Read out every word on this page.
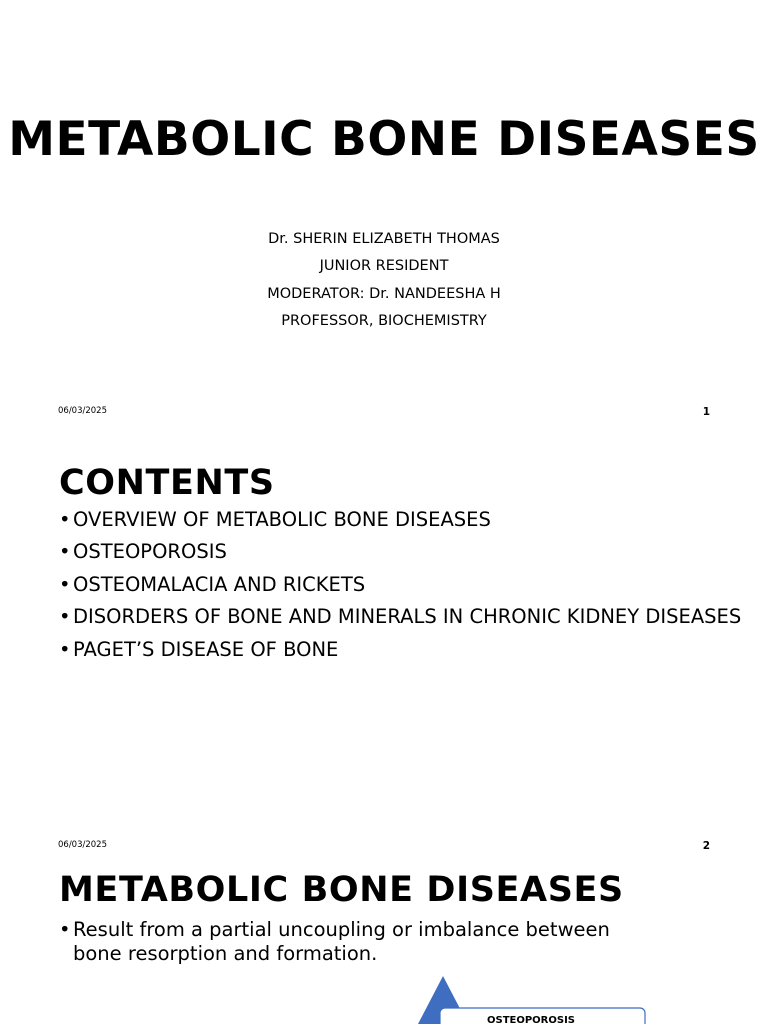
METABOLIC BONE DISEASES
Dr. SHERIN ELIZABETH THOMAS
JUNIOR RESIDENT
MODERATOR: Dr. NANDEESHA H
PROFESSOR, BIOCHEMISTRY
06/03/2025	1
CONTENTS
• OVERVIEW OF METABOLIC BONE DISEASES
• OSTEOPOROSIS
• OSTEOMALACIA AND RICKETS
• DISORDERS OF BONE AND MINERALS IN CHRONIC KIDNEY DISEASES
• PAGET’S DISEASE OF BONE
06/03/2025	2
METABOLIC BONE DISEASES
• Result from a partial uncoupling or imbalance between bone resorption and formation.
OSTEOPOROSIS
